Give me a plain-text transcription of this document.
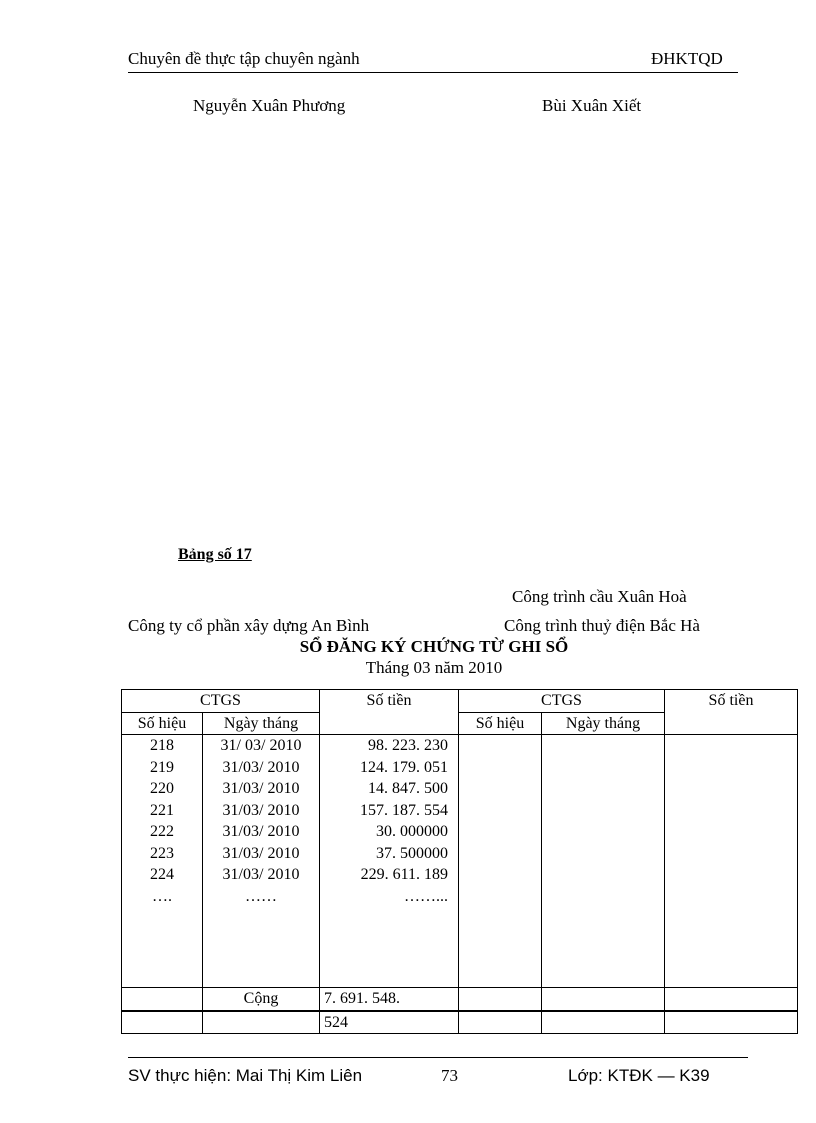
Chuyên đề thực tập chuyên ngành	ĐHKTQD
Nguyễn Xuân Phương	Bùi Xuân Xiết
Bảng số 17
Công trình cầu Xuân Hoà
Công ty cổ phần xây dựng An Bình	Công trình thuỷ điện Bắc Hà
SỔ ĐĂNG KÝ CHỨNG TỪ GHI SỔ
Tháng 03 năm 2010
CTGS		Số tiền	CTGS		Số tiền
Số hiệu	Ngày tháng		Số hiệu	Ngày tháng	
218	31/ 03/ 2010	98. 223. 230			
219	31/03/ 2010	124. 179. 051			
220	31/03/ 2010	14. 847. 500			
221	31/03/ 2010	157. 187. 554			
222	31/03/ 2010	30. 000000			
223	31/03/ 2010	37. 500000			
224	31/03/ 2010	229. 611. 189			
….	……	……...			

	Cộng	7. 691. 548.			
		524			
SV thực hiện: Mai Thị Kim Liên	73	Lớp: KTĐK — K39
